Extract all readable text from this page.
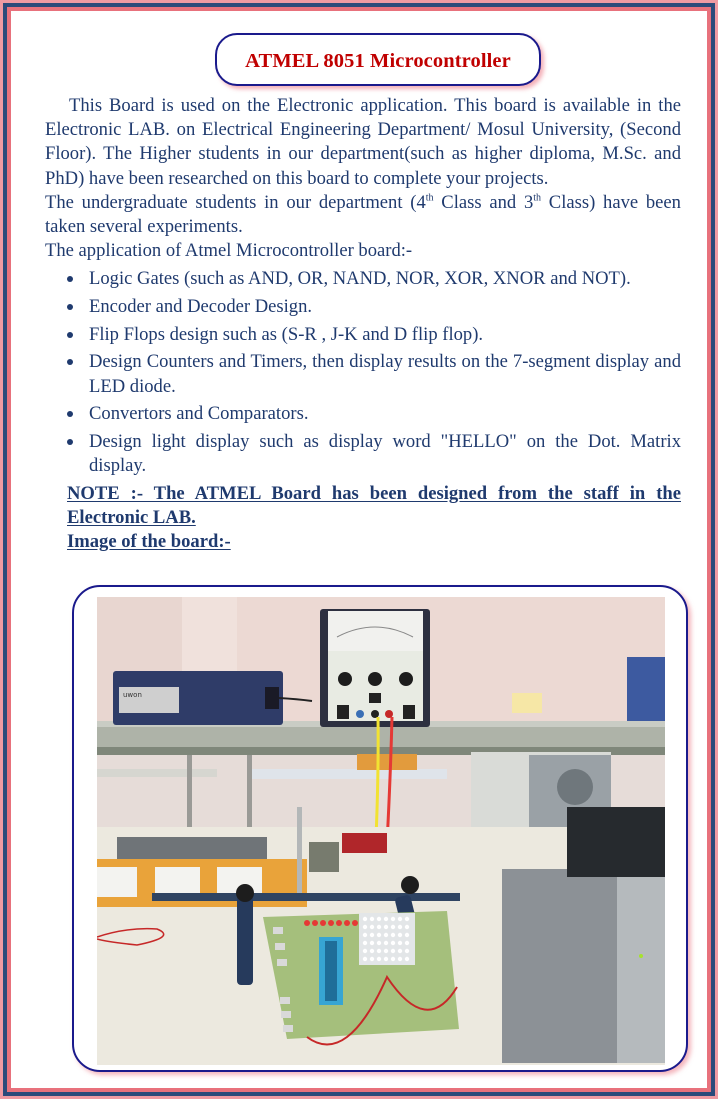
ATMEL 8051 Microcontroller

This Board is used on the Electronic application. This board is available in the Electronic LAB. on Electrical Engineering Department/ Mosul University, (Second Floor). The Higher students in our department(such as higher diploma, M.Sc. and PhD) have been researched on this board to complete your projects.

The undergraduate students in our department (4th Class and 3th Class) have been taken several experiments.

The application of Atmel Microcontroller board:-

Logic Gates (such as AND, OR, NAND, NOR, XOR, XNOR and NOT).
Encoder and Decoder Design.
Flip Flops design such as (S-R , J-K and D flip flop).
Design Counters and Timers, then display results on the 7-segment display and LED diode.
Convertors and Comparators.
Design light display such as display word "HELLO" on the Dot. Matrix display.

NOTE :- The ATMEL Board has been designed from the staff in the Electronic LAB.

Image of the board:-

uwon
